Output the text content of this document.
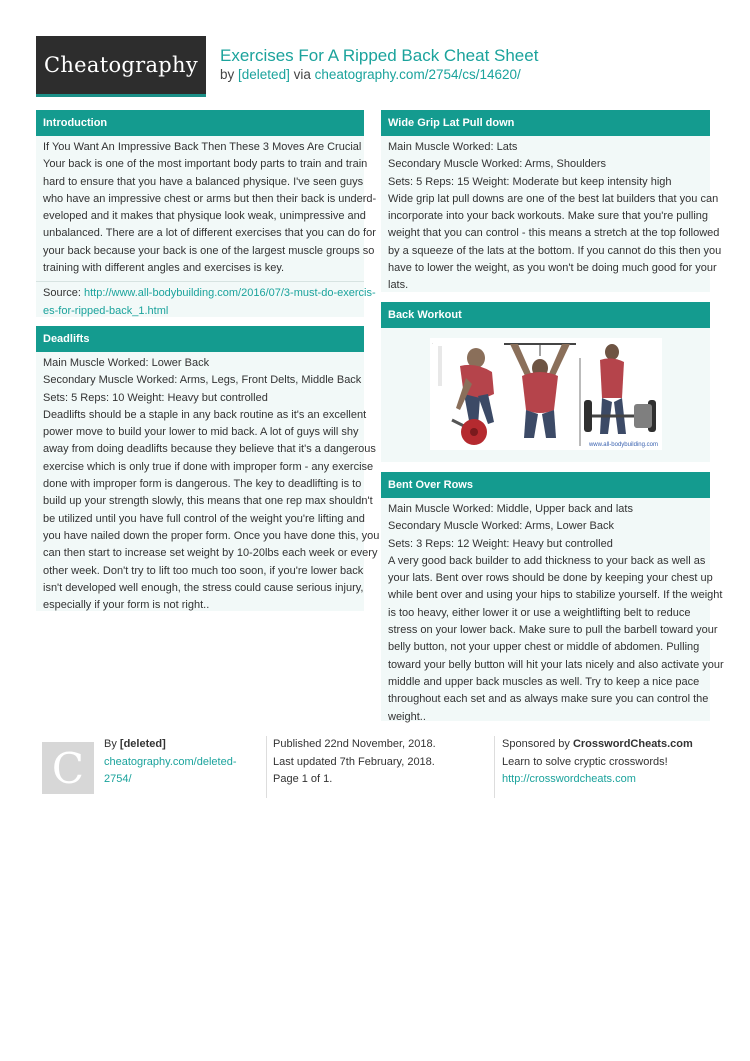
Cheatography	Exercises For A Ripped Back Cheat Sheet
by [deleted] via cheatography.com/2754/cs/14620/
Introduction
If You Want An Impressive Back Then These 3 Moves Are Crucial
Your back is one of the most important body parts to train and train
hard to ensure that you have a balanced physique. I've seen guys
who have an impressive chest or arms but then their back is underd-
eveloped and it makes that physique look weak, unimpressive and
unbalanced. There are a lot of different exercises that you can do for
your back because your back is one of the largest muscle groups so
training with different angles and exercises is key.
Source: http://www.all-bodybuilding.com/2016/07/3-must-do-exercis-
es-for-ripped-back_1.html
Deadlifts
Main Muscle Worked: Lower Back
Secondary Muscle Worked: Arms, Legs, Front Delts, Middle Back
Sets: 5 Reps: 10 Weight: Heavy but controlled
Deadlifts should be a staple in any back routine as it's an excellent
power move to build your lower to mid back. A lot of guys will shy
away from doing deadlifts because they believe that it's a dangerous
exercise which is only true if done with improper form - any exercise
done with improper form is dangerous. The key to deadlifting is to
build up your strength slowly, this means that one rep max shouldn't
be utilized until you have full control of the weight you're lifting and
you have nailed down the proper form. Once you have done this, you
can then start to increase set weight by 10-20lbs each week or every
other week. Don't try to lift too much too soon, if you're lower back
isn't developed well enough, the stress could cause serious injury,
especially if your form is not right..
Wide Grip Lat Pull down
Main Muscle Worked: Lats
Secondary Muscle Worked: Arms, Shoulders
Sets: 5 Reps: 15 Weight: Moderate but keep intensity high
Wide grip lat pull downs are one of the best lat builders that you can
incorporate into your back workouts. Make sure that you're pulling
weight that you can control - this means a stretch at the top followed
by a squeeze of the lats at the bottom. If you cannot do this then you
have to lower the weight, as you won't be doing much good for your
lats.
Back Workout
.
www.all-bodybuilding.com
Bent Over Rows
Main Muscle Worked: Middle, Upper back and lats
Secondary Muscle Worked: Arms, Lower Back
Sets: 3 Reps: 12 Weight: Heavy but controlled
A very good back builder to add thickness to your back as well as
your lats. Bent over rows should be done by keeping your chest up
while bent over and using your hips to stabilize yourself. If the weight
is too heavy, either lower it or use a weightlifting belt to reduce
stress on your lower back. Make sure to pull the barbell toward your
belly button, not your upper chest or middle of abdomen. Pulling
toward your belly button will hit your lats nicely and also activate your
middle and upper back muscles as well. Try to keep a nice pace
throughout each set and as always make sure you can control the
weight..
C	By [deleted]
cheatography.com/deleted-
2754/
Published 22nd November, 2018.
Last updated 7th February, 2018.
Page 1 of 1.
Sponsored by CrosswordCheats.com
Learn to solve cryptic crosswords!
http://crosswordcheats.com
